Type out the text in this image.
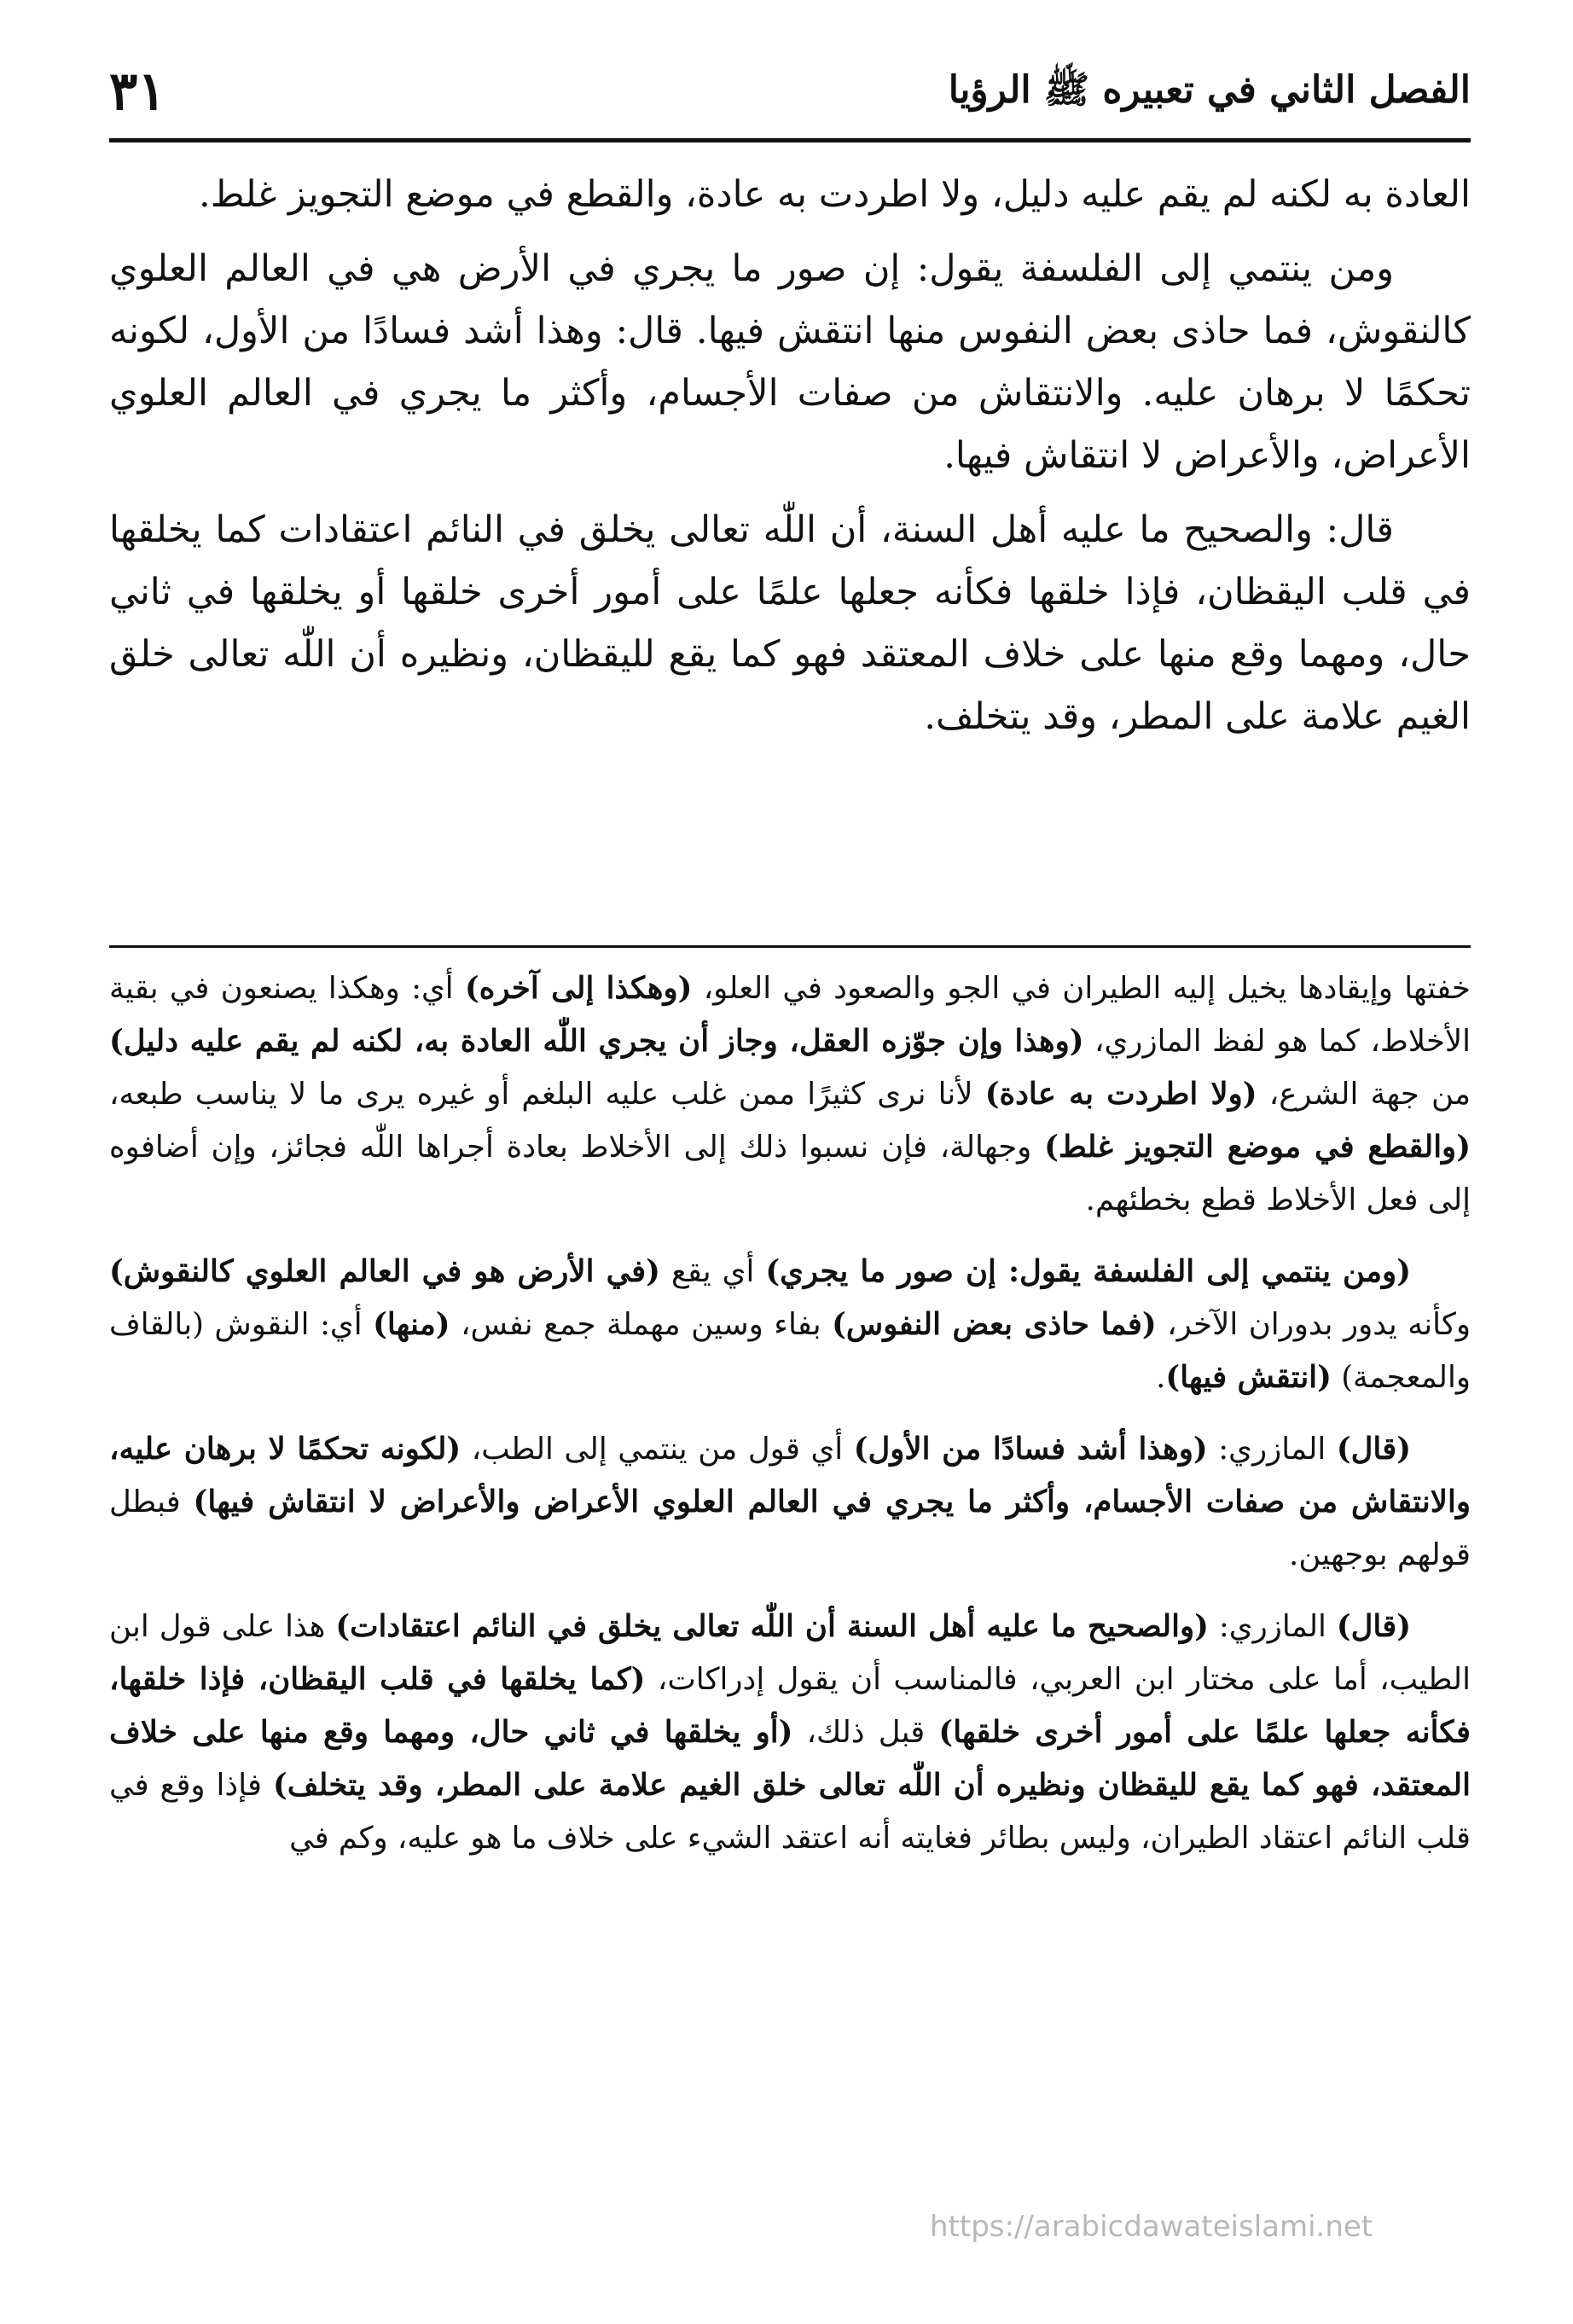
الفصل الثاني في تعبيره ﷺ الرؤيا
٣١

العادة به لكنه لم يقم عليه دليل، ولا اطردت به عادة، والقطع في موضع التجويز غلط.

ومن ينتمي إلى الفلسفة يقول: إن صور ما يجري في الأرض هي في العالم العلوي كالنقوش، فما حاذى بعض النفوس منها انتقش فيها. قال: وهذا أشد فسادًا من الأول، لكونه تحكمًا لا برهان عليه. والانتقاش من صفات الأجسام، وأكثر ما يجري في العالم العلوي الأعراض، والأعراض لا انتقاش فيها.

قال: والصحيح ما عليه أهل السنة، أن اللّٰه تعالى يخلق في النائم اعتقادات كما يخلقها في قلب اليقظان، فإذا خلقها فكأنه جعلها علمًا على أمور أخرى خلقها أو يخلقها في ثاني حال، ومهما وقع منها على خلاف المعتقد فهو كما يقع لليقظان، ونظيره أن اللّٰه تعالى خلق الغيم علامة على المطر، وقد يتخلف.

خفتها وإيقادها يخيل إليه الطيران في الجو والصعود في العلو، (وهكذا إلى آخره) أي: وهكذا يصنعون في بقية الأخلاط، كما هو لفظ المازري، (وهذا وإن جوّزه العقل، وجاز أن يجري اللّٰه العادة به، لكنه لم يقم عليه دليل) من جهة الشرع، (ولا اطردت به عادة) لأنا نرى كثيرًا ممن غلب عليه البلغم أو غيره يرى ما لا يناسب طبعه، (والقطع في موضع التجويز غلط) وجهالة، فإن نسبوا ذلك إلى الأخلاط بعادة أجراها اللّٰه فجائز، وإن أضافوه إلى فعل الأخلاط قطع بخطئهم.

(ومن ينتمي إلى الفلسفة يقول: إن صور ما يجري) أي يقع (في الأرض هو في العالم العلوي كالنقوش) وكأنه يدور بدوران الآخر، (فما حاذى بعض النفوس) بفاء وسين مهملة جمع نفس، (منها) أي: النقوش (بالقاف والمعجمة) (انتقش فيها).

(قال) المازري: (وهذا أشد فسادًا من الأول) أي قول من ينتمي إلى الطب، (لكونه تحكمًا لا برهان عليه، والانتقاش من صفات الأجسام، وأكثر ما يجري في العالم العلوي الأعراض والأعراض لا انتقاش فيها) فبطل قولهم بوجهين.

(قال) المازري: (والصحيح ما عليه أهل السنة أن اللّٰه تعالى يخلق في النائم اعتقادات) هذا على قول ابن الطيب، أما على مختار ابن العربي، فالمناسب أن يقول إدراكات، (كما يخلقها في قلب اليقظان، فإذا خلقها، فكأنه جعلها علمًا على أمور أخرى خلقها) قبل ذلك، (أو يخلقها في ثاني حال، ومهما وقع منها على خلاف المعتقد، فهو كما يقع لليقظان ونظيره أن اللّٰه تعالى خلق الغيم علامة على المطر، وقد يتخلف) فإذا وقع في قلب النائم اعتقاد الطيران، وليس بطائر فغايته أنه اعتقد الشيء على خلاف ما هو عليه، وكم في

https://arabicdawateislami.net
